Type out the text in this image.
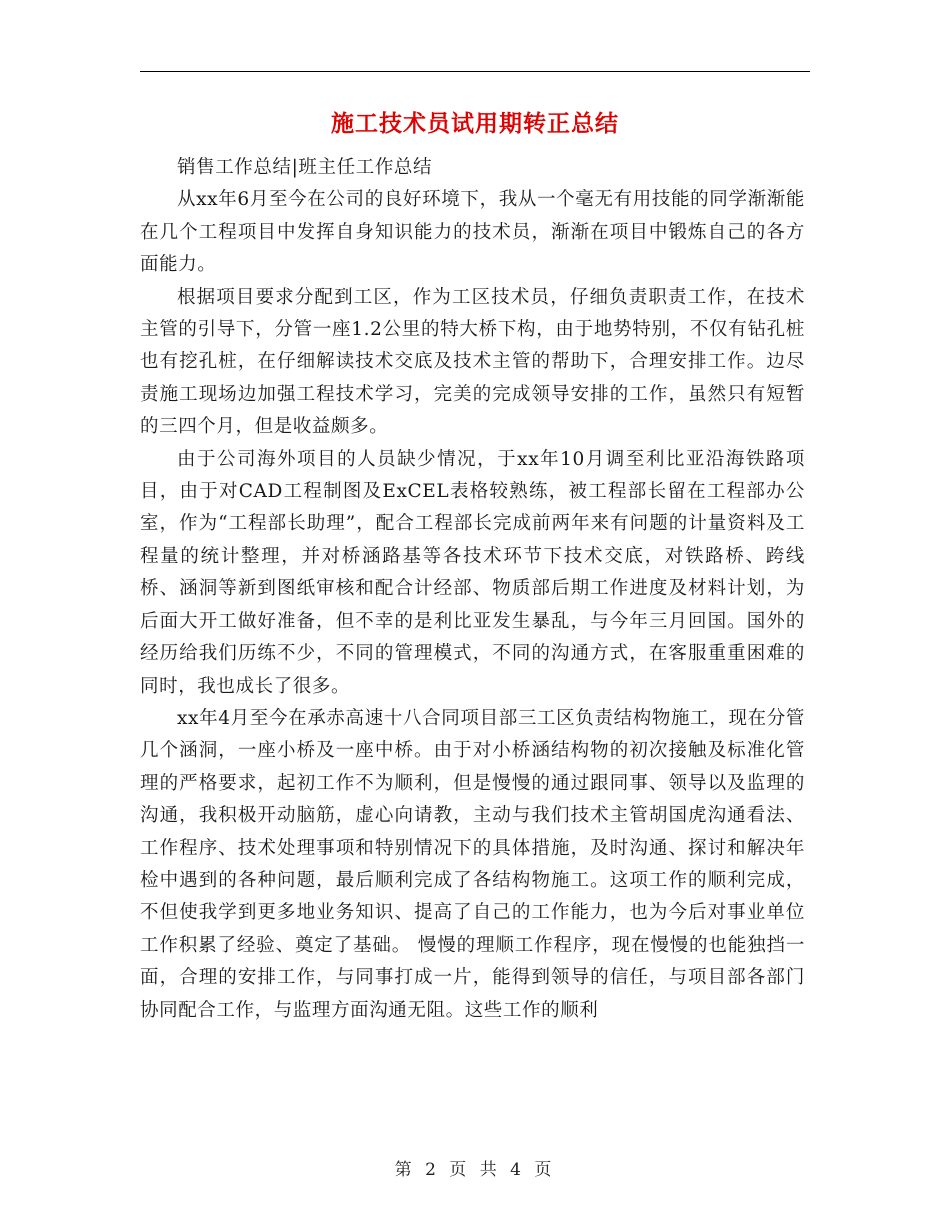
施工技术员试用期转正总结

销售工作总结|班主任工作总结

从xx年6月至今在公司的良好环境下，我从一个毫无有用技能的同学渐渐能在几个工程项目中发挥自身知识能力的技术员，渐渐在项目中锻炼自己的各方面能力。

根据项目要求分配到工区，作为工区技术员，仔细负责职责工作，在技术主管的引导下，分管一座1.2公里的特大桥下构，由于地势特别，不仅有钻孔桩也有挖孔桩，在仔细解读技术交底及技术主管的帮助下，合理安排工作。边尽责施工现场边加强工程技术学习，完美的完成领导安排的工作，虽然只有短暂的三四个月，但是收益颇多。

由于公司海外项目的人员缺少情况，于xx年10月调至利比亚沿海铁路项目，由于对CAD工程制图及ExCEL表格较熟练，被工程部长留在工程部办公室，作为“工程部长助理”，配合工程部长完成前两年来有问题的计量资料及工程量的统计整理，并对桥涵路基等各技术环节下技术交底，对铁路桥、跨线桥、涵洞等新到图纸审核和配合计经部、物质部后期工作进度及材料计划，为后面大开工做好准备，但不幸的是利比亚发生暴乱，与今年三月回国。国外的经历给我们历练不少，不同的管理模式，不同的沟通方式，在客服重重困难的同时，我也成长了很多。

xx年4月至今在承赤高速十八合同项目部三工区负责结构物施工，现在分管几个涵洞，一座小桥及一座中桥。由于对小桥涵结构物的初次接触及标准化管理的严格要求，起初工作不为顺利，但是慢慢的通过跟同事、领导以及监理的沟通，我积极开动脑筋，虚心向请教，主动与我们技术主管胡国虎沟通看法、工作程序、技术处理事项和特别情况下的具体措施，及时沟通、探讨和解决年检中遇到的各种问题，最后顺利完成了各结构物施工。这项工作的顺利完成，不但使我学到更多地业务知识、提高了自己的工作能力，也为今后对事业单位工作积累了经验、奠定了基础。 慢慢的理顺工作程序，现在慢慢的也能独挡一面，合理的安排工作，与同事打成一片，能得到领导的信任，与项目部各部门协同配合工作，与监理方面沟通无阻。这些工作的顺利

第 2 页 共 4 页
